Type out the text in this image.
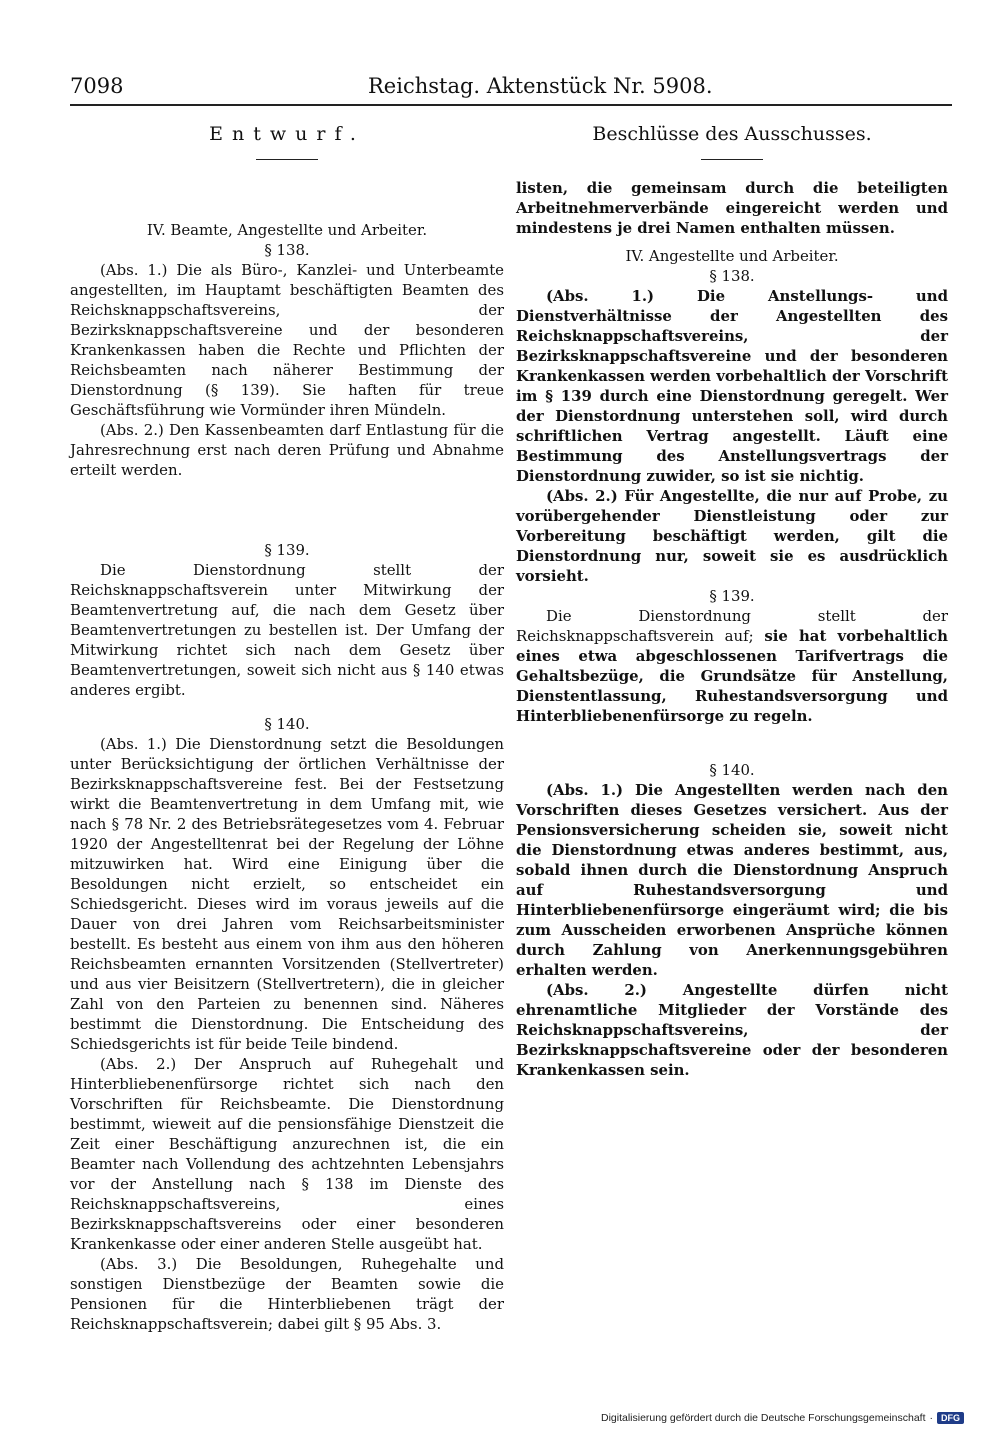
7098	Reichstag. Aktenstück Nr. 5908.
Entwurf.

IV. Beamte, Angestellte und Arbeiter.

§ 138.

(Abs. 1.) Die als Büro-, Kanzlei- und Unterbeamte angestellten, im Hauptamt beschäftigten Beamten des Reichsknappschaftsvereins, der Bezirksknappschaftsvereine und der besonderen Krankenkassen haben die Rechte und Pflichten der Reichsbeamten nach näherer Bestimmung der Dienstordnung (§ 139). Sie haften für treue Geschäftsführung wie Vormünder ihren Mündeln.

(Abs. 2.) Den Kassenbeamten darf Entlastung für die Jahresrechnung erst nach deren Prüfung und Abnahme erteilt werden.

§ 139.

Die Dienstordnung stellt der Reichsknappschaftsverein unter Mitwirkung der Beamtenvertretung auf, die nach dem Gesetz über Beamtenvertretungen zu bestellen ist. Der Umfang der Mitwirkung richtet sich nach dem Gesetz über Beamtenvertretungen, soweit sich nicht aus § 140 etwas anderes ergibt.

§ 140.

(Abs. 1.) Die Dienstordnung setzt die Besoldungen unter Berücksichtigung der örtlichen Verhältnisse der Bezirksknappschaftsvereine fest. Bei der Festsetzung wirkt die Beamtenvertretung in dem Umfang mit, wie nach § 78 Nr. 2 des Betriebsrätegesetzes vom 4. Februar 1920 der Angestelltenrat bei der Regelung der Löhne mitzuwirken hat. Wird eine Einigung über die Besoldungen nicht erzielt, so entscheidet ein Schiedsgericht. Dieses wird im voraus jeweils auf die Dauer von drei Jahren vom Reichsarbeitsminister bestellt. Es besteht aus einem von ihm aus den höheren Reichsbeamten ernannten Vorsitzenden (Stellvertreter) und aus vier Beisitzern (Stellvertretern), die in gleicher Zahl von den Parteien zu benennen sind. Näheres bestimmt die Dienstordnung. Die Entscheidung des Schiedsgerichts ist für beide Teile bindend.

(Abs. 2.) Der Anspruch auf Ruhegehalt und Hinterbliebenenfürsorge richtet sich nach den Vorschriften für Reichsbeamte. Die Dienstordnung bestimmt, wieweit auf die pensionsfähige Dienstzeit die Zeit einer Beschäftigung anzurechnen ist, die ein Beamter nach Vollendung des achtzehnten Lebensjahrs vor der Anstellung nach § 138 im Dienste des Reichsknappschaftsvereins, eines Bezirksknappschaftsvereins oder einer besonderen Krankenkasse oder einer anderen Stelle ausgeübt hat.

(Abs. 3.) Die Besoldungen, Ruhegehalte und sonstigen Dienstbezüge der Beamten sowie die Pensionen für die Hinterbliebenen trägt der Reichsknappschaftsverein; dabei gilt § 95 Abs. 3.

Beschlüsse des Ausschusses.

listen, die gemeinsam durch die beteiligten Arbeitnehmerverbände eingereicht werden und mindestens je drei Namen enthalten müssen.

IV. Angestellte und Arbeiter.

§ 138.

(Abs. 1.) Die Anstellungs- und Dienstverhältnisse der Angestellten des Reichsknappschaftsvereins, der Bezirksknappschaftsvereine und der besonderen Krankenkassen werden vorbehaltlich der Vorschrift im § 139 durch eine Dienstordnung geregelt. Wer der Dienstordnung unterstehen soll, wird durch schriftlichen Vertrag angestellt. Läuft eine Bestimmung des Anstellungsvertrags der Dienstordnung zuwider, so ist sie nichtig.

(Abs. 2.) Für Angestellte, die nur auf Probe, zu vorübergehender Dienstleistung oder zur Vorbereitung beschäftigt werden, gilt die Dienstordnung nur, soweit sie es ausdrücklich vorsieht.

§ 139.

Die Dienstordnung stellt der Reichsknappschaftsverein auf; sie hat vorbehaltlich eines etwa abgeschlossenen Tarifvertrags die Gehaltsbezüge, die Grundsätze für Anstellung, Dienstentlassung, Ruhestandsversorgung und Hinterbliebenenfürsorge zu regeln.

§ 140.

(Abs. 1.) Die Angestellten werden nach den Vorschriften dieses Gesetzes versichert. Aus der Pensionsversicherung scheiden sie, soweit nicht die Dienstordnung etwas anderes bestimmt, aus, sobald ihnen durch die Dienstordnung Anspruch auf Ruhestandsversorgung und Hinterbliebenenfürsorge eingeräumt wird; die bis zum Ausscheiden erworbenen Ansprüche können durch Zahlung von Anerkennungsgebühren erhalten werden.

(Abs. 2.) Angestellte dürfen nicht ehrenamtliche Mitglieder der Vorstände des Reichsknappschaftsvereins, der Bezirksknappschaftsvereine oder der besonderen Krankenkassen sein.

Digitalisierung gefördert durch die Deutsche Forschungsgemeinschaft · DFG
